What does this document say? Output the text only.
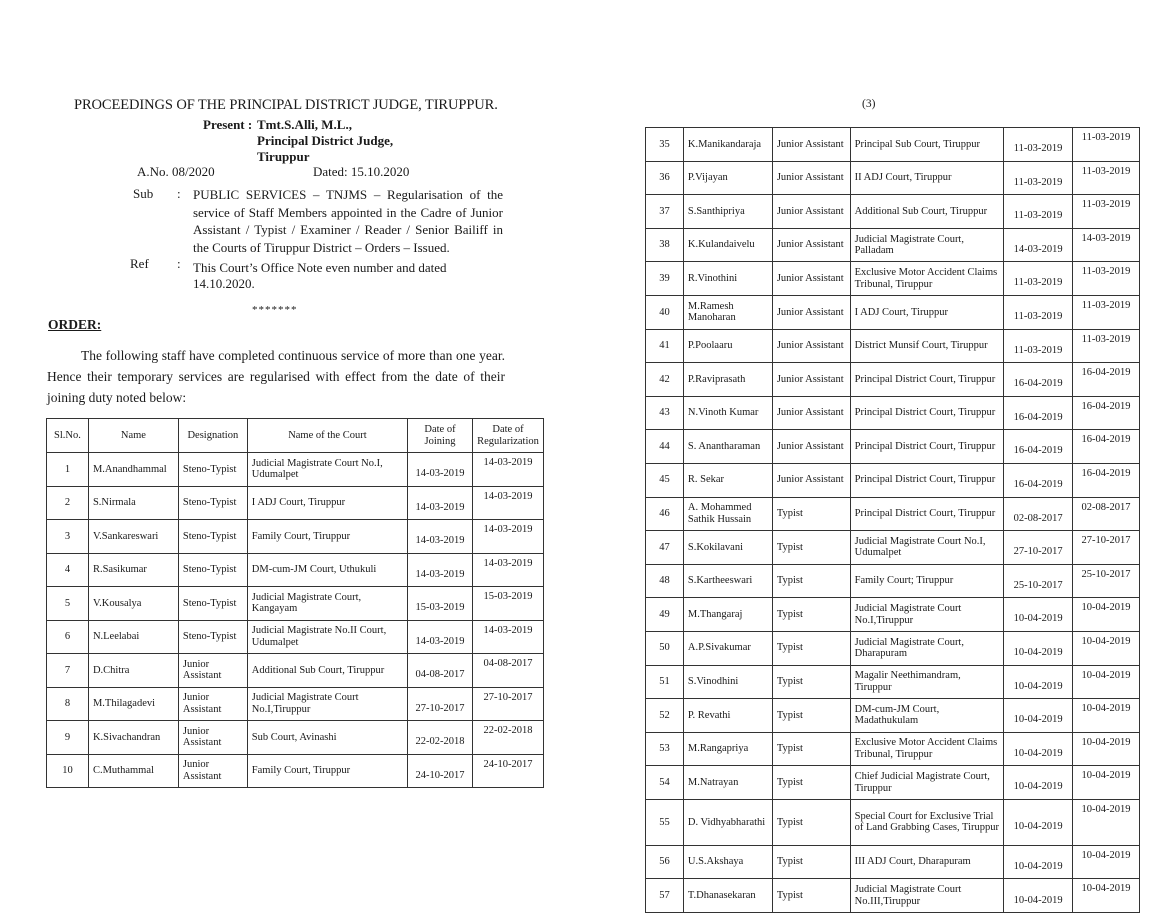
PROCEEDINGS OF THE PRINCIPAL DISTRICT JUDGE, TIRUPPUR.
Present : Tmt.S.Alli, M.L.,
Principal District Judge,
Tiruppur
A.No. 08/2020	Dated: 15.10.2020
Sub : PUBLIC SERVICES – TNJMS – Regularisation of the service of Staff Members appointed in the Cadre of Junior Assistant / Typist / Examiner / Reader / Senior Bailiff in the Courts of Tiruppur District – Orders – Issued.
Ref : This Court’s Office Note even number and dated 14.10.2020.
*******
ORDER:
The following staff have completed continuous service of more than one year. Hence their temporary services are regularised with effect from the date of their joining duty noted below:
Sl.No.	Name	Designation	Name of the Court	Date of Joining	Date of Regularization
1	M.Anandhammal	Steno-Typist	Judicial Magistrate Court No.I, Udumalpet	14-03-2019	14-03-2019
2	S.Nirmala	Steno-Typist	I ADJ Court, Tiruppur	14-03-2019	14-03-2019
3	V.Sankareswari	Steno-Typist	Family Court, Tiruppur	14-03-2019	14-03-2019
4	R.Sasikumar	Steno-Typist	DM-cum-JM Court, Uthukuli	14-03-2019	14-03-2019
5	V.Kousalya	Steno-Typist	Judicial Magistrate Court, Kangayam	15-03-2019	15-03-2019
6	N.Leelabai	Steno-Typist	Judicial Magistrate No.II Court, Udumalpet	14-03-2019	14-03-2019
7	D.Chitra	Junior Assistant	Additional Sub Court, Tiruppur	04-08-2017	04-08-2017
8	M.Thilagadevi	Junior Assistant	Judicial Magistrate Court No.I,Tiruppur	27-10-2017	27-10-2017
9	K.Sivachandran	Junior Assistant	Sub Court, Avinashi	22-02-2018	22-02-2018
10	C.Muthammal	Junior Assistant	Family Court, Tiruppur	24-10-2017	24-10-2017
(3)
35	K.Manikandaraja	Junior Assistant	Principal Sub Court, Tiruppur	11-03-2019	11-03-2019
36	P.Vijayan	Junior Assistant	II ADJ Court, Tiruppur	11-03-2019	11-03-2019
37	S.Santhipriya	Junior Assistant	Additional Sub Court, Tiruppur	11-03-2019	11-03-2019
38	K.Kulandaivelu	Junior Assistant	Judicial Magistrate Court, Palladam	14-03-2019	14-03-2019
39	R.Vinothini	Junior Assistant	Exclusive Motor Accident Claims Tribunal, Tiruppur	11-03-2019	11-03-2019
40	M.Ramesh Manoharan	Junior Assistant	I ADJ Court, Tiruppur	11-03-2019	11-03-2019
41	P.Poolaaru	Junior Assistant	District Munsif Court, Tiruppur	11-03-2019	11-03-2019
42	P.Raviprasath	Junior Assistant	Principal District Court, Tiruppur	16-04-2019	16-04-2019
43	N.Vinoth Kumar	Junior Assistant	Principal District Court, Tiruppur	16-04-2019	16-04-2019
44	S. Anantharaman	Junior Assistant	Principal District Court, Tiruppur	16-04-2019	16-04-2019
45	R. Sekar	Junior Assistant	Principal District Court, Tiruppur	16-04-2019	16-04-2019
46	A. Mohammed Sathik Hussain	Typist	Principal District Court, Tiruppur	02-08-2017	02-08-2017
47	S.Kokilavani	Typist	Judicial Magistrate Court No.I, Udumalpet	27-10-2017	27-10-2017
48	S.Kartheeswari	Typist	Family Court; Tiruppur	25-10-2017	25-10-2017
49	M.Thangaraj	Typist	Judicial Magistrate Court No.I,Tiruppur	10-04-2019	10-04-2019
50	A.P.Sivakumar	Typist	Judicial Magistrate Court, Dharapuram	10-04-2019	10-04-2019
51	S.Vinodhini	Typist	Magalir Neethimandram, Tiruppur	10-04-2019	10-04-2019
52	P. Revathi	Typist	DM-cum-JM Court, Madathukulam	10-04-2019	10-04-2019
53	M.Rangapriya	Typist	Exclusive Motor Accident Claims Tribunal, Tiruppur	10-04-2019	10-04-2019
54	M.Natrayan	Typist	Chief Judicial Magistrate Court, Tiruppur	10-04-2019	10-04-2019
55	D. Vidhyabharathi	Typist	Special Court for Exclusive Trial of Land Grabbing Cases, Tiruppur	10-04-2019	10-04-2019
56	U.S.Akshaya	Typist	III ADJ Court, Dharapuram	10-04-2019	10-04-2019
57	T.Dhanasekaran	Typist	Judicial Magistrate Court No.III,Tiruppur	10-04-2019	10-04-2019
